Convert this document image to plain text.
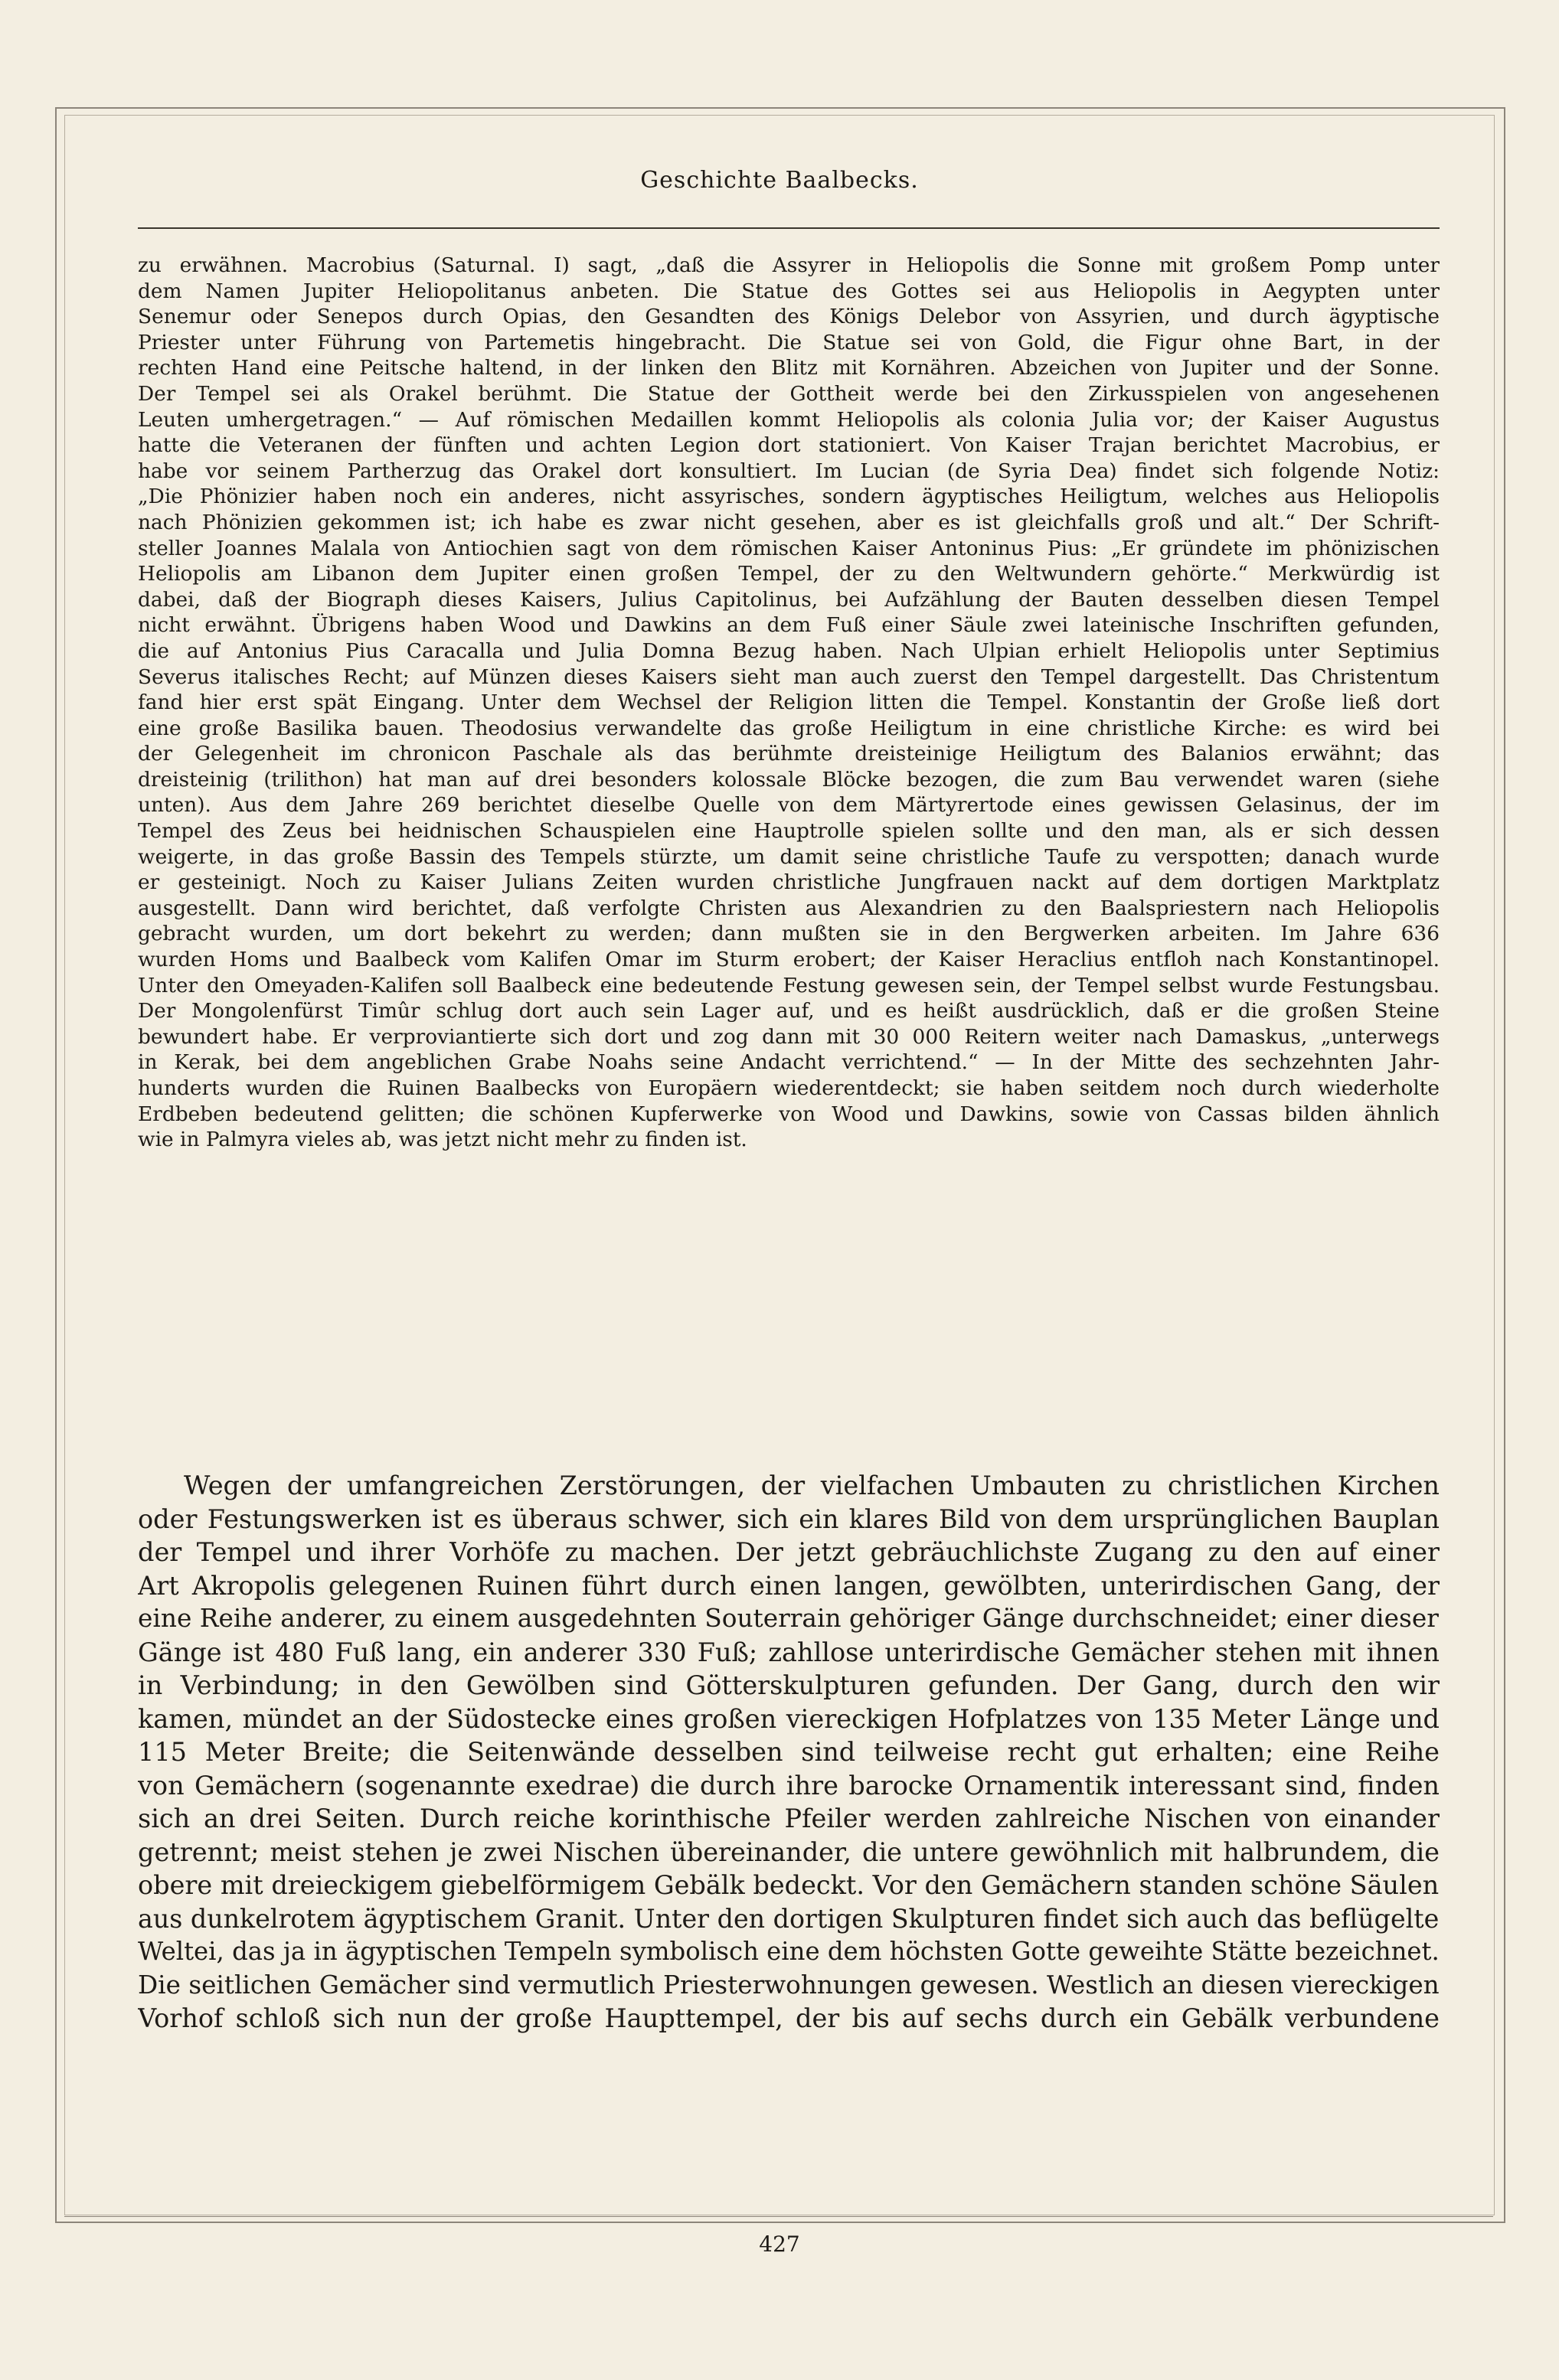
Geschichte Baalbecks.
zu erwähnen. Macrobius (Saturnal. I) sagt, „daß die Assyrer in Heliopolis die Sonne mit großem Pomp unter
dem Namen Jupiter Heliopolitanus anbeten. Die Statue des Gottes sei aus Heliopolis in Aegypten unter
Senemur oder Senepos durch Opias, den Gesandten des Königs Delebor von Assyrien, und durch ägyptische
Priester unter Führung von Partemetis hingebracht. Die Statue sei von Gold, die Figur ohne Bart, in der
rechten Hand eine Peitsche haltend, in der linken den Blitz mit Kornähren. Abzeichen von Jupiter und der Sonne.
Der Tempel sei als Orakel berühmt. Die Statue der Gottheit werde bei den Zirkusspielen von angesehenen
Leuten umhergetragen.“ — Auf römischen Medaillen kommt Heliopolis als colonia Julia vor; der Kaiser Augustus
hatte die Veteranen der fünften und achten Legion dort stationiert. Von Kaiser Trajan berichtet Macrobius, er
habe vor seinem Partherzug das Orakel dort konsultiert. Im Lucian (de Syria Dea) findet sich folgende Notiz:
„Die Phönizier haben noch ein anderes, nicht assyrisches, sondern ägyptisches Heiligtum, welches aus Heliopolis
nach Phönizien gekommen ist; ich habe es zwar nicht gesehen, aber es ist gleichfalls groß und alt.“ Der Schrift-
steller Joannes Malala von Antiochien sagt von dem römischen Kaiser Antoninus Pius: „Er gründete im phönizischen
Heliopolis am Libanon dem Jupiter einen großen Tempel, der zu den Weltwundern gehörte.“ Merkwürdig ist
dabei, daß der Biograph dieses Kaisers, Julius Capitolinus, bei Aufzählung der Bauten desselben diesen Tempel
nicht erwähnt. Übrigens haben Wood und Dawkins an dem Fuß einer Säule zwei lateinische Inschriften gefunden,
die auf Antonius Pius Caracalla und Julia Domna Bezug haben. Nach Ulpian erhielt Heliopolis unter Septimius
Severus italisches Recht; auf Münzen dieses Kaisers sieht man auch zuerst den Tempel dargestellt. Das Christentum
fand hier erst spät Eingang. Unter dem Wechsel der Religion litten die Tempel. Konstantin der Große ließ dort
eine große Basilika bauen. Theodosius verwandelte das große Heiligtum in eine christliche Kirche: es wird bei
der Gelegenheit im chronicon Paschale als das berühmte dreisteinige Heiligtum des Balanios erwähnt; das
dreisteinig (trilithon) hat man auf drei besonders kolossale Blöcke bezogen, die zum Bau verwendet waren (siehe
unten). Aus dem Jahre 269 berichtet dieselbe Quelle von dem Märtyrertode eines gewissen Gelasinus, der im
Tempel des Zeus bei heidnischen Schauspielen eine Hauptrolle spielen sollte und den man, als er sich dessen
weigerte, in das große Bassin des Tempels stürzte, um damit seine christliche Taufe zu verspotten; danach wurde
er gesteinigt. Noch zu Kaiser Julians Zeiten wurden christliche Jungfrauen nackt auf dem dortigen Marktplatz
ausgestellt. Dann wird berichtet, daß verfolgte Christen aus Alexandrien zu den Baalspriestern nach Heliopolis
gebracht wurden, um dort bekehrt zu werden; dann mußten sie in den Bergwerken arbeiten. Im Jahre 636
wurden Homs und Baalbeck vom Kalifen Omar im Sturm erobert; der Kaiser Heraclius entfloh nach Konstantinopel.
Unter den Omeyaden-Kalifen soll Baalbeck eine bedeutende Festung gewesen sein, der Tempel selbst wurde Festungsbau.
Der Mongolenfürst Timûr schlug dort auch sein Lager auf, und es heißt ausdrücklich, daß er die großen Steine
bewundert habe. Er verproviantierte sich dort und zog dann mit 30 000 Reitern weiter nach Damaskus, „unterwegs
in Kerak, bei dem angeblichen Grabe Noahs seine Andacht verrichtend.“ — In der Mitte des sechzehnten Jahr-
hunderts wurden die Ruinen Baalbecks von Europäern wiederentdeckt; sie haben seitdem noch durch wiederholte
Erdbeben bedeutend gelitten; die schönen Kupferwerke von Wood und Dawkins, sowie von Cassas bilden ähnlich
wie in Palmyra vieles ab, was jetzt nicht mehr zu finden ist.
Wegen der umfangreichen Zerstörungen, der vielfachen Umbauten zu christlichen Kirchen
oder Festungswerken ist es überaus schwer, sich ein klares Bild von dem ursprünglichen Bauplan
der Tempel und ihrer Vorhöfe zu machen. Der jetzt gebräuchlichste Zugang zu den auf einer
Art Akropolis gelegenen Ruinen führt durch einen langen, gewölbten, unterirdischen Gang, der
eine Reihe anderer, zu einem ausgedehnten Souterrain gehöriger Gänge durchschneidet; einer dieser
Gänge ist 480 Fuß lang, ein anderer 330 Fuß; zahllose unterirdische Gemächer stehen mit ihnen
in Verbindung; in den Gewölben sind Götterskulpturen gefunden. Der Gang, durch den wir
kamen, mündet an der Südostecke eines großen viereckigen Hofplatzes von 135 Meter Länge und
115 Meter Breite; die Seitenwände desselben sind teilweise recht gut erhalten; eine Reihe
von Gemächern (sogenannte exedrae) die durch ihre barocke Ornamentik interessant sind, finden
sich an drei Seiten. Durch reiche korinthische Pfeiler werden zahlreiche Nischen von einander
getrennt; meist stehen je zwei Nischen übereinander, die untere gewöhnlich mit halbrundem, die
obere mit dreieckigem giebelförmigem Gebälk bedeckt. Vor den Gemächern standen schöne Säulen
aus dunkelrotem ägyptischem Granit. Unter den dortigen Skulpturen findet sich auch das beflügelte
Weltei, das ja in ägyptischen Tempeln symbolisch eine dem höchsten Gotte geweihte Stätte bezeichnet.
Die seitlichen Gemächer sind vermutlich Priesterwohnungen gewesen. Westlich an diesen viereckigen
Vorhof schloß sich nun der große Haupttempel, der bis auf sechs durch ein Gebälk verbundene
427
